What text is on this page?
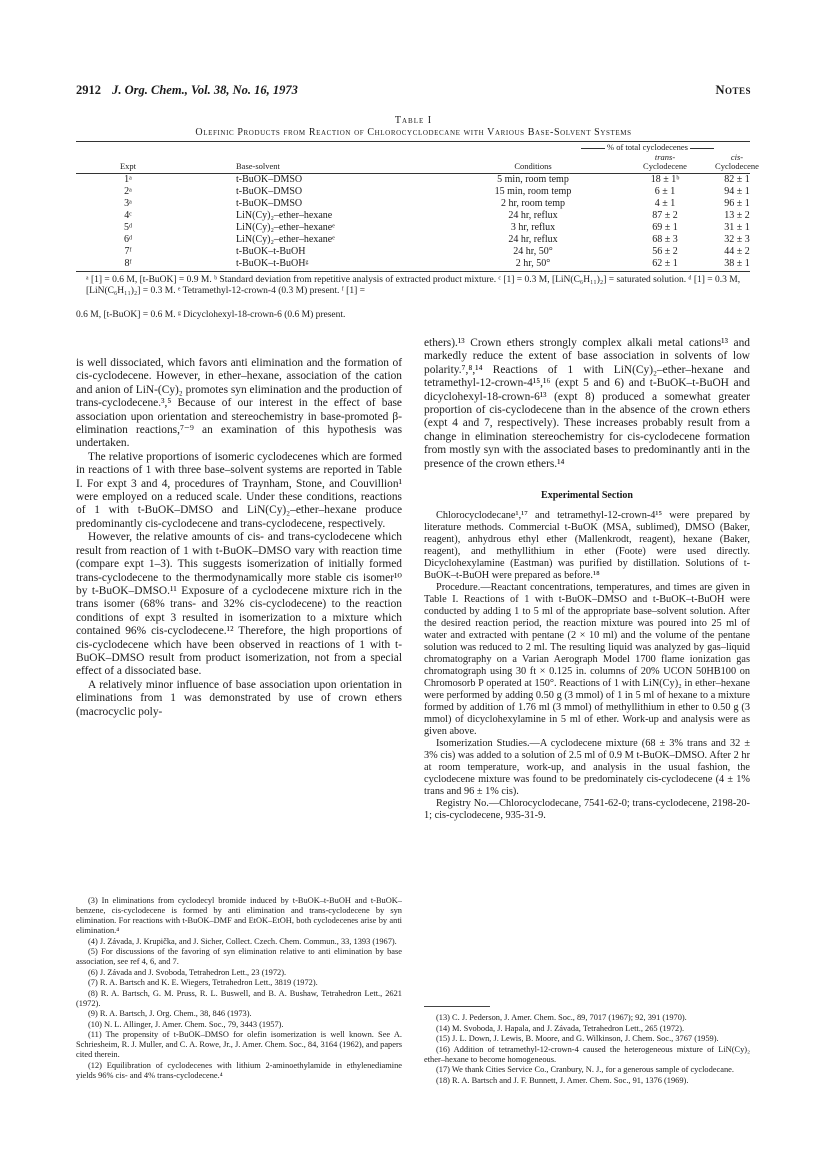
2912 J. Org. Chem., Vol. 38, No. 16, 1973	Notes
Table I
Olefinic Products from Reaction of Chlorocyclodecane with Various Base-Solvent Systems
% of total cyclodecenes
trans-	cis-
Expt	Base-solvent	Conditions	Cyclodecene	Cyclodecene
1ᵃ	t-BuOK–DMSO	5 min, room temp	18 ± 1ᵇ	82 ± 1
2ᵃ	t-BuOK–DMSO	15 min, room temp	6 ± 1	94 ± 1
3ᵃ	t-BuOK–DMSO	2 hr, room temp	4 ± 1	96 ± 1
4ᶜ	LiN(Cy)₂–ether–hexane	24 hr, reflux	87 ± 2	13 ± 2
5ᵈ	LiN(Cy)₂–ether–hexaneᵉ	3 hr, reflux	69 ± 1	31 ± 1
6ᵈ	LiN(Cy)₂–ether–hexaneᵉ	24 hr, reflux	68 ± 3	32 ± 3
7ᶠ	t-BuOK–t-BuOH	24 hr, 50°	56 ± 2	44 ± 2
8ᶠ	t-BuOK–t-BuOHᵍ	2 hr, 50°	62 ± 1	38 ± 1
ᵃ [1] = 0.6 M, [t-BuOK] = 0.9 M. ᵇ Standard deviation from repetitive analysis of extracted product mixture. ᶜ [1] = 0.3 M, [LiN(C₆H₁₁)₂] = saturated solution. ᵈ [1] = 0.3 M, [LiN(C₆H₁₁)₂] = 0.3 M. ᵉ Tetramethyl-12-crown-4 (0.3 M) present. ᶠ [1] =
0.6 M, [t-BuOK] = 0.6 M. ᵍ Dicyclohexyl-18-crown-6 (0.6 M) present.

is well dissociated, which favors anti elimination and the formation of cis-cyclodecene. However, in ether–hexane, association of the cation and anion of LiN-(Cy)₂ promotes syn elimination and the production of trans-cyclodecene.³,⁵ Because of our interest in the effect of base association upon orientation and stereochemistry in base-promoted β-elimination reactions,⁷⁻⁹ an examination of this hypothesis was undertaken.

The relative proportions of isomeric cyclodecenes which are formed in reactions of 1 with three base–solvent systems are reported in Table I. For expt 3 and 4, procedures of Traynham, Stone, and Couvillion¹ were employed on a reduced scale. Under these conditions, reactions of 1 with t-BuOK–DMSO and LiN(Cy)₂–ether–hexane produce predominantly cis-cyclodecene and trans-cyclodecene, respectively.

However, the relative amounts of cis- and trans-cyclodecene which result from reaction of 1 with t-BuOK–DMSO vary with reaction time (compare expt 1–3). This suggests isomerization of initially formed trans-cyclodecene to the thermodynamically more stable cis isomer¹⁰ by t-BuOK–DMSO.¹¹ Exposure of a cyclodecene mixture rich in the trans isomer (68% trans- and 32% cis-cyclodecene) to the reaction conditions of expt 3 resulted in isomerization to a mixture which contained 96% cis-cyclodecene.¹² Therefore, the high proportions of cis-cyclodecene which have been observed in reactions of 1 with t-BuOK–DMSO result from product isomerization, not from a special effect of a dissociated base.

A relatively minor influence of base association upon orientation in eliminations from 1 was demonstrated by use of crown ethers (macrocyclic poly-

ethers).¹³ Crown ethers strongly complex alkali metal cations¹³ and markedly reduce the extent of base association in solvents of low polarity.⁷,⁸,¹⁴ Reactions of 1 with LiN(Cy)₂–ether–hexane and tetramethyl-12-crown-4¹⁵,¹⁶ (expt 5 and 6) and t-BuOK–t-BuOH and dicyclohexyl-18-crown-6¹³ (expt 8) produced a somewhat greater proportion of cis-cyclodecene than in the absence of the crown ethers (expt 4 and 7, respectively). These increases probably result from a change in elimination stereochemistry for cis-cyclodecene formation from mostly syn with the associated bases to predominantly anti in the presence of the crown ethers.¹⁴

Experimental Section

Chlorocyclodecane¹,¹⁷ and tetramethyl-12-crown-4¹⁵ were prepared by literature methods. Commercial t-BuOK (MSA, sublimed), DMSO (Baker, reagent), anhydrous ethyl ether (Mallenkrodt, reagent), hexane (Baker, reagent), and methyllithium in ether (Foote) were used directly. Dicyclohexylamine (Eastman) was purified by distillation. Solutions of t-BuOK–t-BuOH were prepared as before.¹⁸

Procedure.—Reactant concentrations, temperatures, and times are given in Table I. Reactions of 1 with t-BuOK–DMSO and t-BuOK–t-BuOH were conducted by adding 1 to 5 ml of the appropriate base–solvent solution. After the desired reaction period, the reaction mixture was poured into 25 ml of water and extracted with pentane (2 × 10 ml) and the volume of the pentane solution was reduced to 2 ml. The resulting liquid was analyzed by gas–liquid chromatography on a Varian Aerograph Model 1700 flame ionization gas chromatograph using 30 ft × 0.125 in. columns of 20% UCON 50HB100 on Chromosorb P operated at 150°. Reactions of 1 with LiN(Cy)₂ in ether–hexane were performed by adding 0.50 g (3 mmol) of 1 in 5 ml of hexane to a mixture formed by addition of 1.76 ml (3 mmol) of methyllithium in ether to 0.50 g (3 mmol) of dicyclohexylamine in 5 ml of ether. Work-up and analysis were as given above.

Isomerization Studies.—A cyclodecene mixture (68 ± 3% trans and 32 ± 3% cis) was added to a solution of 2.5 ml of 0.9 M t-BuOK–DMSO. After 2 hr at room temperature, work-up, and analysis in the usual fashion, the cyclodecene mixture was found to be predominately cis-cyclodecene (4 ± 1% trans and 96 ± 1% cis).

Registry No.—Chlorocyclodecane, 7541-62-0; trans-cyclodecene, 2198-20-1; cis-cyclodecene, 935-31-9.

(3) In eliminations from cyclodecyl bromide induced by t-BuOK–t-BuOH and t-BuOK–benzene, cis-cyclodecene is formed by anti elimination and trans-cyclodecene by syn elimination. For reactions with t-BuOK–DMF and EtOK–EtOH, both cyclodecenes arise by anti elimination.⁴

(4) J. Závada, J. Krupička, and J. Sicher, Collect. Czech. Chem. Commun., 33, 1393 (1967).

(5) For discussions of the favoring of syn elimination relative to anti elimination by base association, see ref 4, 6, and 7.

(6) J. Závada and J. Svoboda, Tetrahedron Lett., 23 (1972).

(7) R. A. Bartsch and K. E. Wiegers, Tetrahedron Lett., 3819 (1972).

(8) R. A. Bartsch, G. M. Pruss, R. L. Buswell, and B. A. Bushaw, Tetrahedron Lett., 2621 (1972).

(9) R. A. Bartsch, J. Org. Chem., 38, 846 (1973).

(10) N. L. Allinger, J. Amer. Chem. Soc., 79, 3443 (1957).

(11) The propensity of t-BuOK–DMSO for olefin isomerization is well known. See A. Schriesheim, R. J. Muller, and C. A. Rowe, Jr., J. Amer. Chem. Soc., 84, 3164 (1962), and papers cited therein.

(12) Equilibration of cyclodecenes with lithium 2-aminoethylamide in ethylenediamine yields 96% cis- and 4% trans-cyclodecene.⁴

(13) C. J. Pederson, J. Amer. Chem. Soc., 89, 7017 (1967); 92, 391 (1970).

(14) M. Svoboda, J. Hapala, and J. Závada, Tetrahedron Lett., 265 (1972).

(15) J. L. Down, J. Lewis, B. Moore, and G. Wilkinson, J. Chem. Soc., 3767 (1959).

(16) Addition of tetramethyl-12-crown-4 caused the heterogeneous mixture of LiN(Cy)₂ ether–hexane to become homogeneous.

(17) We thank Cities Service Co., Cranbury, N. J., for a generous sample of cyclodecane.

(18) R. A. Bartsch and J. F. Bunnett, J. Amer. Chem. Soc., 91, 1376 (1969).
